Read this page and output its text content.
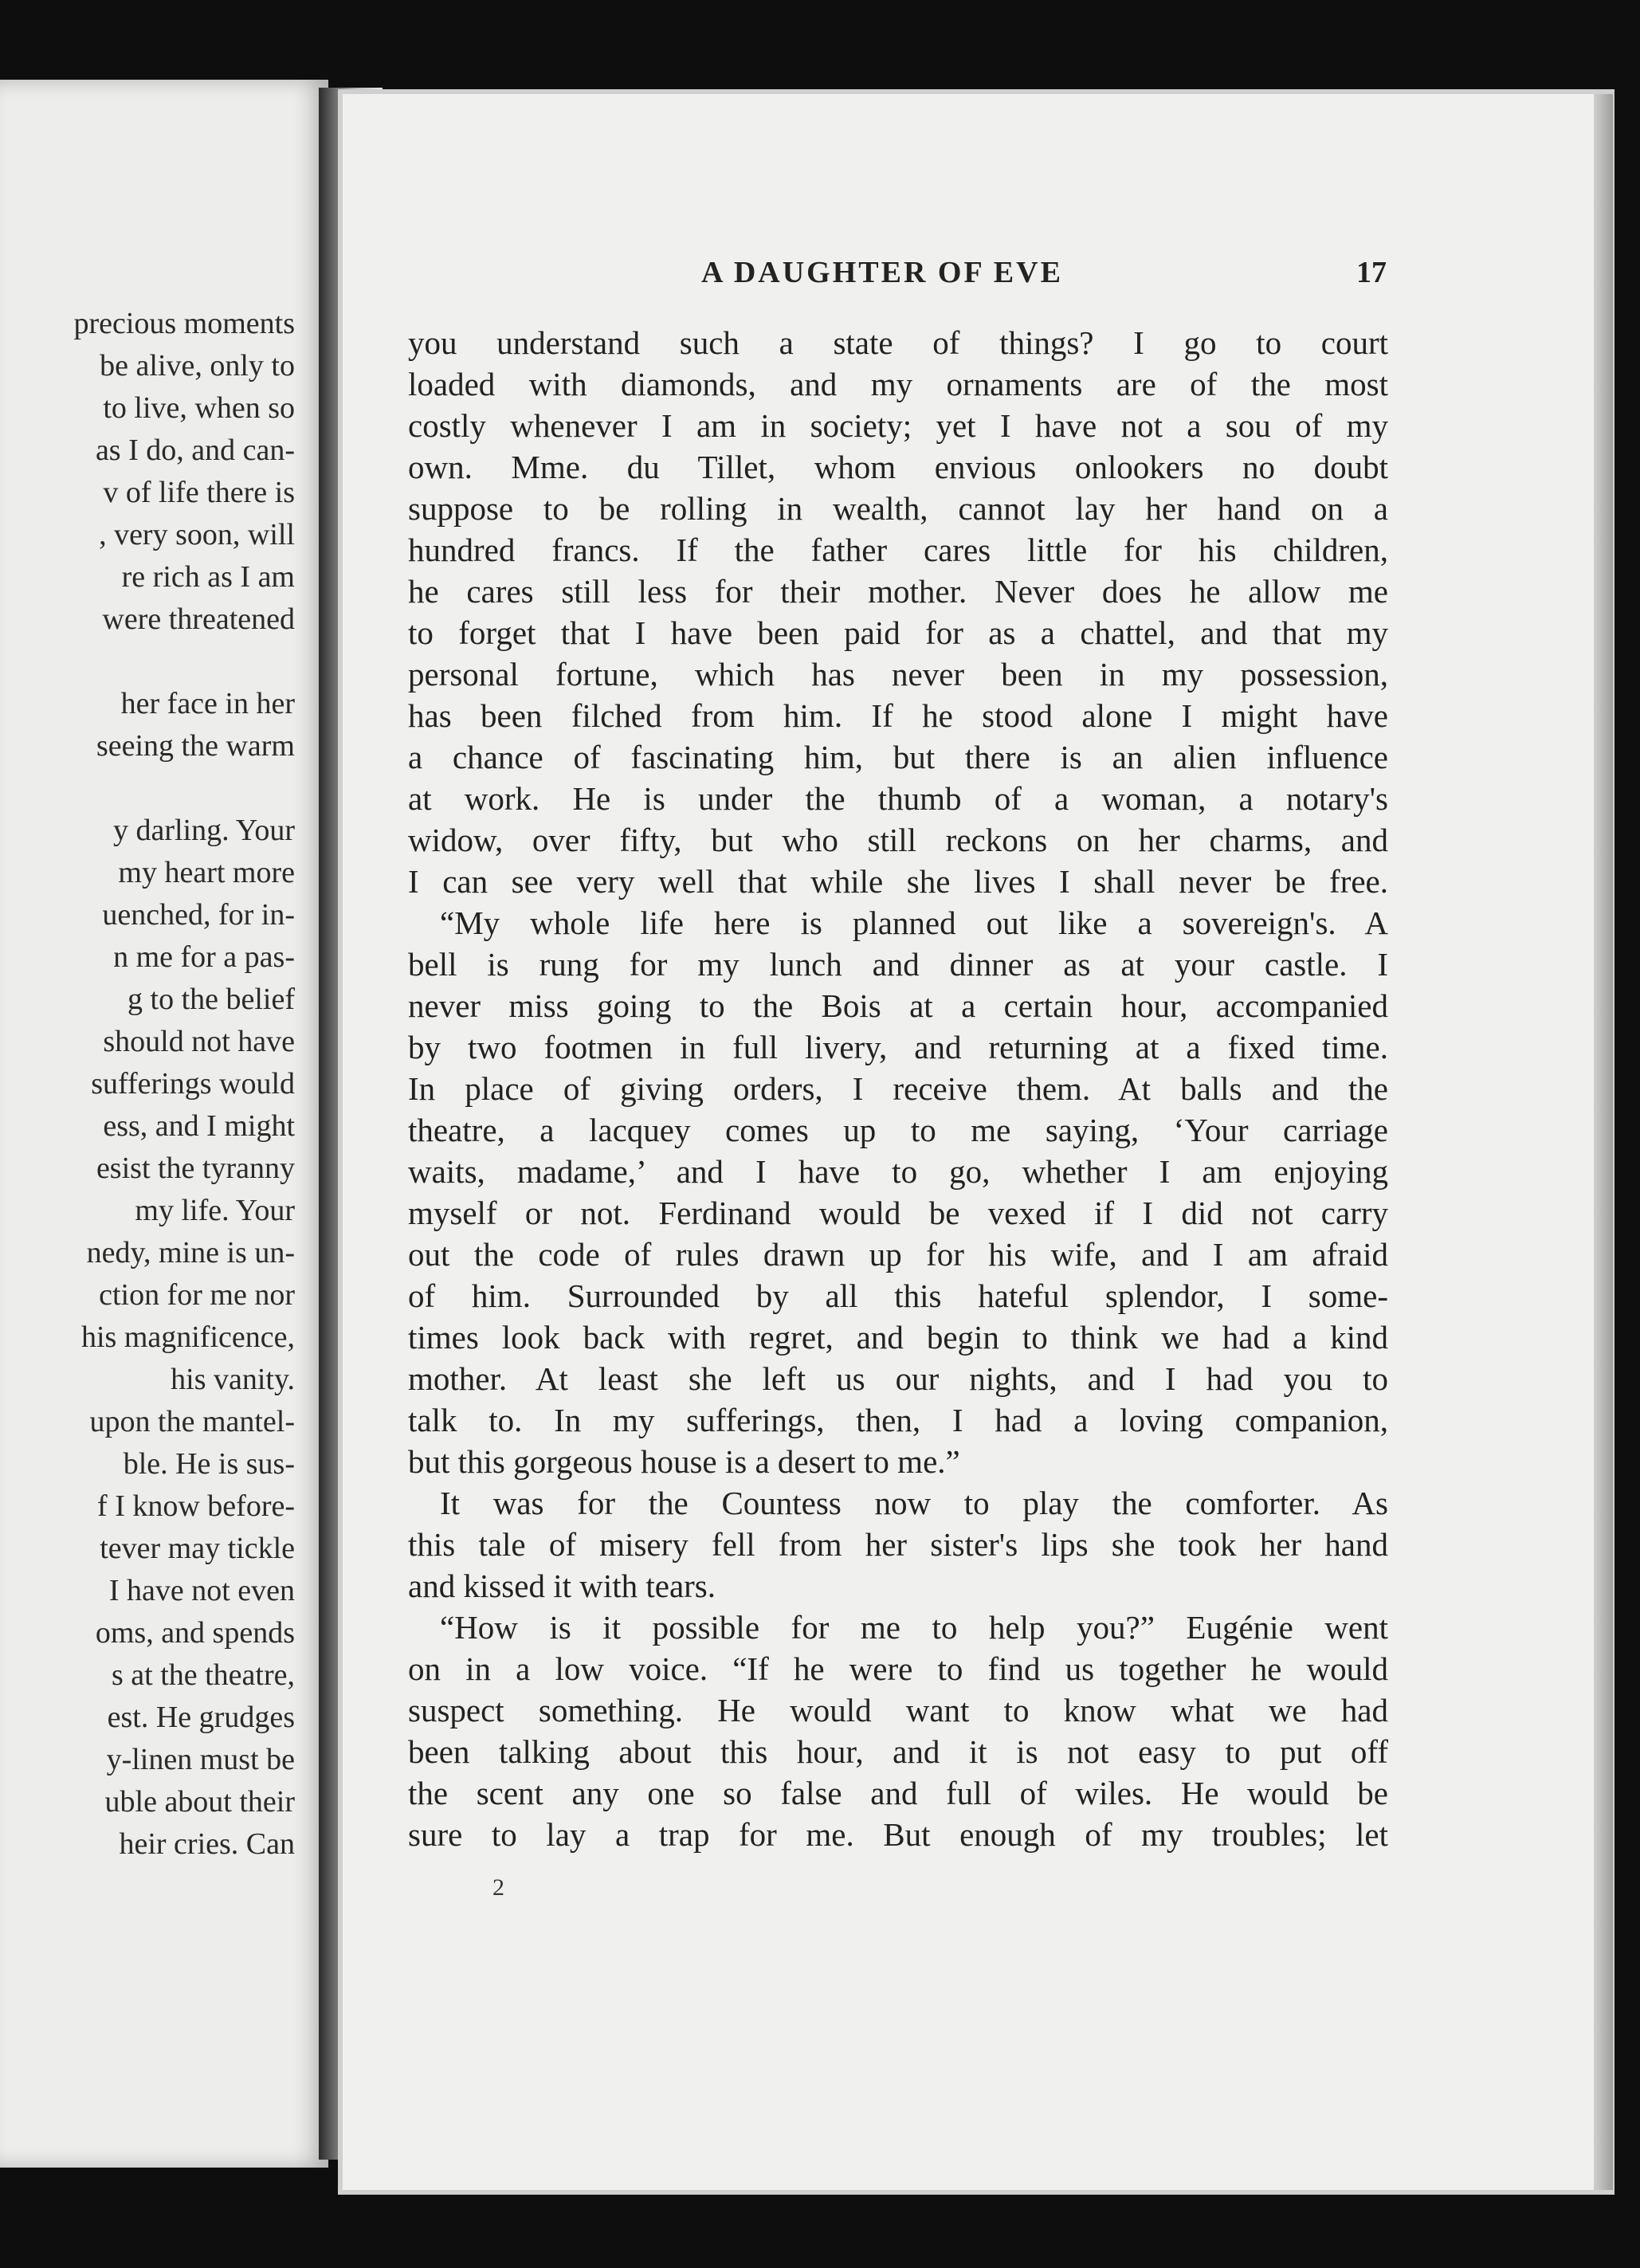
precious moments
be alive, only to
to live, when so
as I do, and can-
v of life there is
, very soon, will
re rich as I am
were threatened
her face in her
seeing the warm
y darling. Your
my heart more
uenched, for in-
n me for a pas-
g to the belief
should not have
sufferings would
ess, and I might
esist the tyranny
my life. Your
nedy, mine is un-
ction for me nor
his magnificence,
his vanity.
upon the mantel-
ble. He is sus-
f I know before-
tever may tickle
I have not even
oms, and spends
s at the theatre,
est. He grudges
y-linen must be
uble about their
heir cries. Can
A DAUGHTER OF EVE	17
you understand such a state of things? I go to court
loaded with diamonds, and my ornaments are of the most
costly whenever I am in society; yet I have not a sou of my
own. Mme. du Tillet, whom envious onlookers no doubt
suppose to be rolling in wealth, cannot lay her hand on a
hundred francs. If the father cares little for his children,
he cares still less for their mother. Never does he allow me
to forget that I have been paid for as a chattel, and that my
personal fortune, which has never been in my possession,
has been filched from him. If he stood alone I might have
a chance of fascinating him, but there is an alien influence
at work. He is under the thumb of a woman, a notary's
widow, over fifty, but who still reckons on her charms, and
I can see very well that while she lives I shall never be free.
“My whole life here is planned out like a sovereign's. A
bell is rung for my lunch and dinner as at your castle. I
never miss going to the Bois at a certain hour, accompanied
by two footmen in full livery, and returning at a fixed time.
In place of giving orders, I receive them. At balls and the
theatre, a lacquey comes up to me saying, ‘Your carriage
waits, madame,’ and I have to go, whether I am enjoying
myself or not. Ferdinand would be vexed if I did not carry
out the code of rules drawn up for his wife, and I am afraid
of him. Surrounded by all this hateful splendor, I some-
times look back with regret, and begin to think we had a kind
mother. At least she left us our nights, and I had you to
talk to. In my sufferings, then, I had a loving companion,
but this gorgeous house is a desert to me.”
It was for the Countess now to play the comforter. As
this tale of misery fell from her sister's lips she took her hand
and kissed it with tears.
“How is it possible for me to help you?” Eugénie went
on in a low voice. “If he were to find us together he would
suspect something. He would want to know what we had
been talking about this hour, and it is not easy to put off
the scent any one so false and full of wiles. He would be
sure to lay a trap for me. But enough of my troubles; let
2
